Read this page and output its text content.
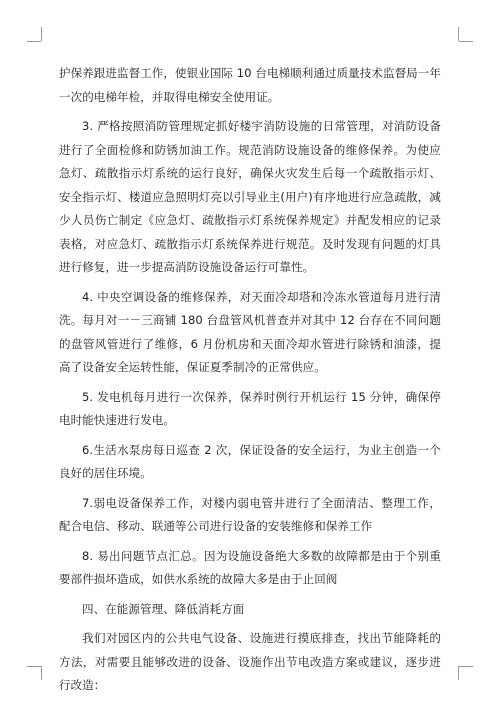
护保养跟进监督工作，使银业国际 10 台电梯顺利通过质量技术监督局一年一次的电梯年检，并取得电梯安全使用证。

3. 严格按照消防管理规定抓好楼宇消防设施的日常管理，对消防设备进行了全面检修和防锈加油工作。规范消防设施设备的维修保养。为使应急灯、疏散指示灯系统的运行良好，确保火灾发生后每一个疏散指示灯、安全指示灯、楼道应急照明灯亮以引导业主(用户)有序地进行应急疏散，减少人员伤亡制定《应急灯、疏散指示灯系统保养规定》并配发相应的记录表格，对应急灯、疏散指示灯系统保养进行规范。及时发现有问题的灯具进行修复，进一步提高消防设施设备运行可靠性。

4. 中央空调设备的维修保养，对天面冷却塔和冷冻水管道每月进行清洗。每月对一－三商铺 180 台盘管风机普查并对其中 12 台存在不同问题的盘管风管进行了维修，6 月份机房和天面冷却水管进行除锈和油漆，提高了设备安全运转性能，保证夏季制冷的正常供应。

5. 发电机每月进行一次保养，保养时例行开机运行 15 分钟，确保停电时能快速进行发电。

6.生活水泵房每日巡查 2 次，保证设备的安全运行，为业主创造一个良好的居住环境。

7.弱电设备保养工作，对楼内弱电管井进行了全面清洁、整理工作，配合电信、移动、联通等公司进行设备的安装维修和保养工作

8. 易出问题节点汇总。因为设施设备绝大多数的故障都是由于个别重要部件损坏造成，如供水系统的故障大多是由于止回阀

四、在能源管理、降低消耗方面

我们对园区内的公共电气设备、设施进行摸底排查，找出节能降耗的方法，对需要且能够改进的设备、设施作出节电改造方案或建议，逐步进行改造：
